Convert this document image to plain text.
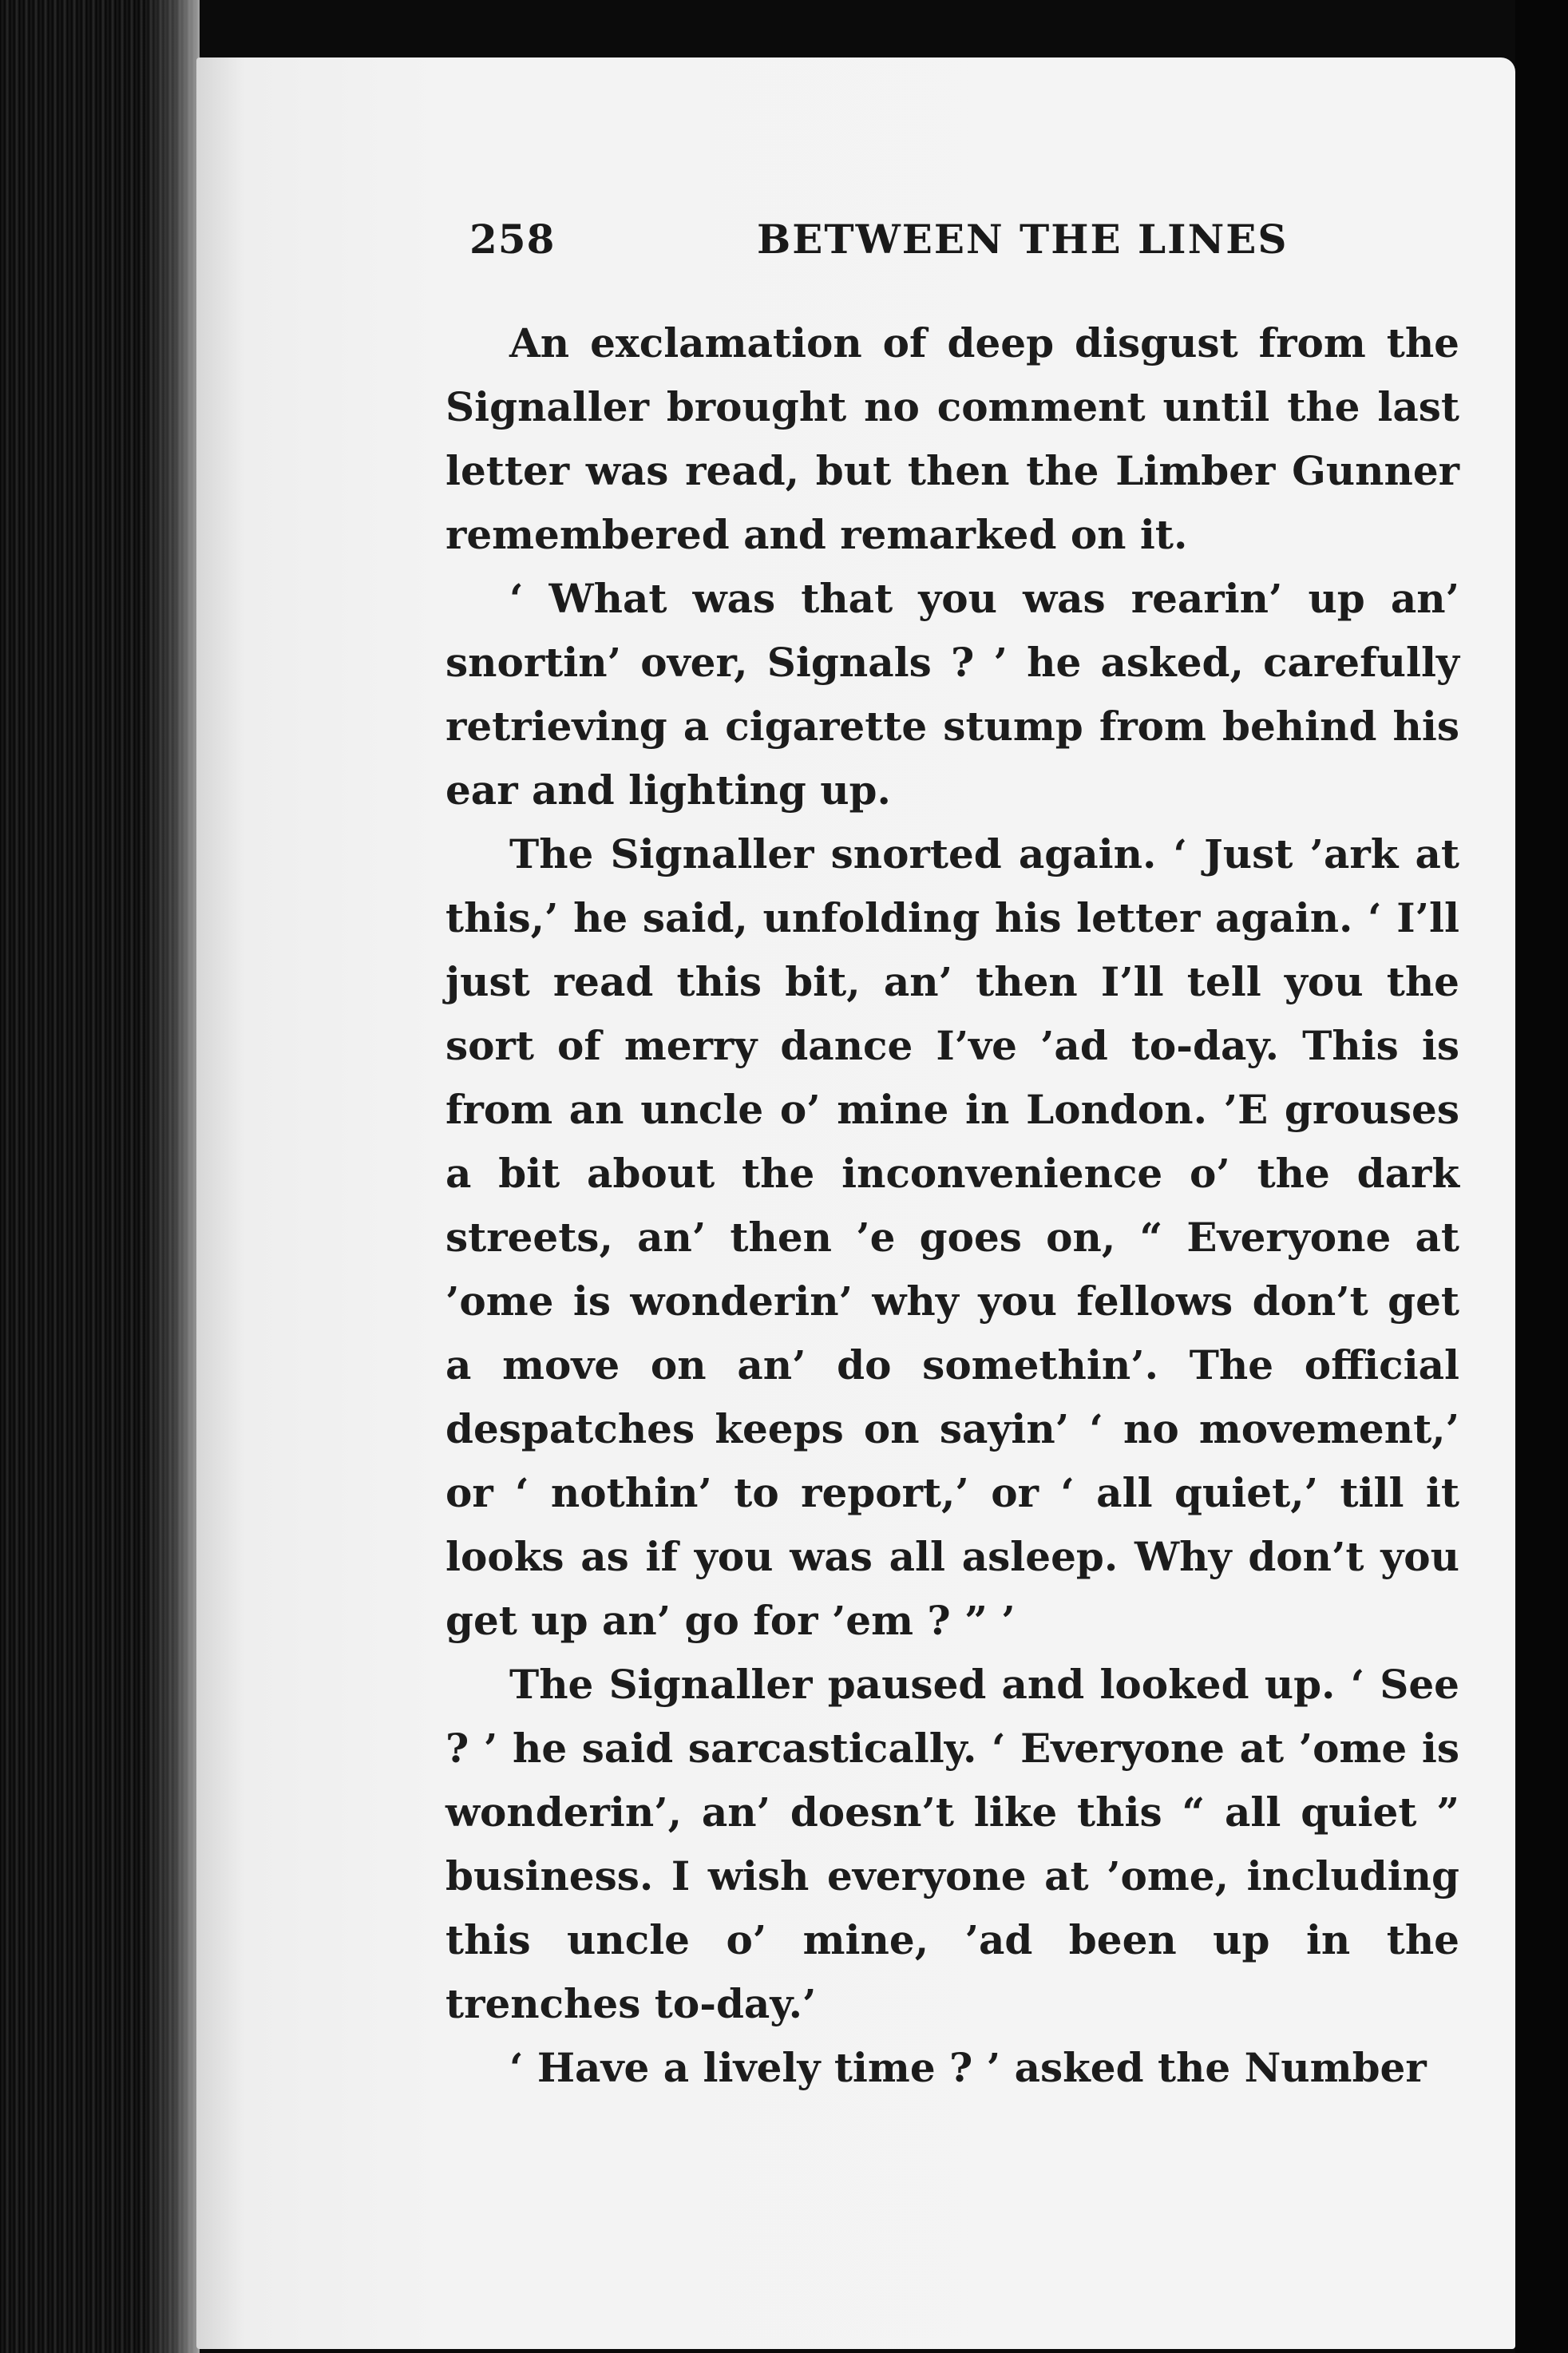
258	BETWEEN THE LINES

An exclamation of deep disgust from the Signaller brought no comment until the last letter was read, but then the Limber Gunner remembered and remarked on it.

‘ What was that you was rearin’ up an’ snortin’ over, Signals ? ’ he asked, carefully retrieving a cigarette stump from behind his ear and lighting up.

The Signaller snorted again. ‘ Just ’ark at this,’ he said, unfolding his letter again. ‘ I’ll just read this bit, an’ then I’ll tell you the sort of merry dance I’ve ’ad to-day. This is from an uncle o’ mine in London. ’E grouses a bit about the inconvenience o’ the dark streets, an’ then ’e goes on, “ Everyone at ’ome is wonderin’ why you fellows don’t get a move on an’ do somethin’. The official despatches keeps on sayin’ ‘ no movement,’ or ‘ nothin’ to report,’ or ‘ all quiet,’ till it looks as if you was all asleep. Why don’t you get up an’ go for ’em ? ” ’

The Signaller paused and looked up. ‘ See ? ’ he said sarcastically. ‘ Everyone at ’ome is wonderin’, an’ doesn’t like this “ all quiet ” business. I wish everyone at ’ome, including this uncle o’ mine, ’ad been up in the trenches to-day.’

‘ Have a lively time ? ’ asked the Number
